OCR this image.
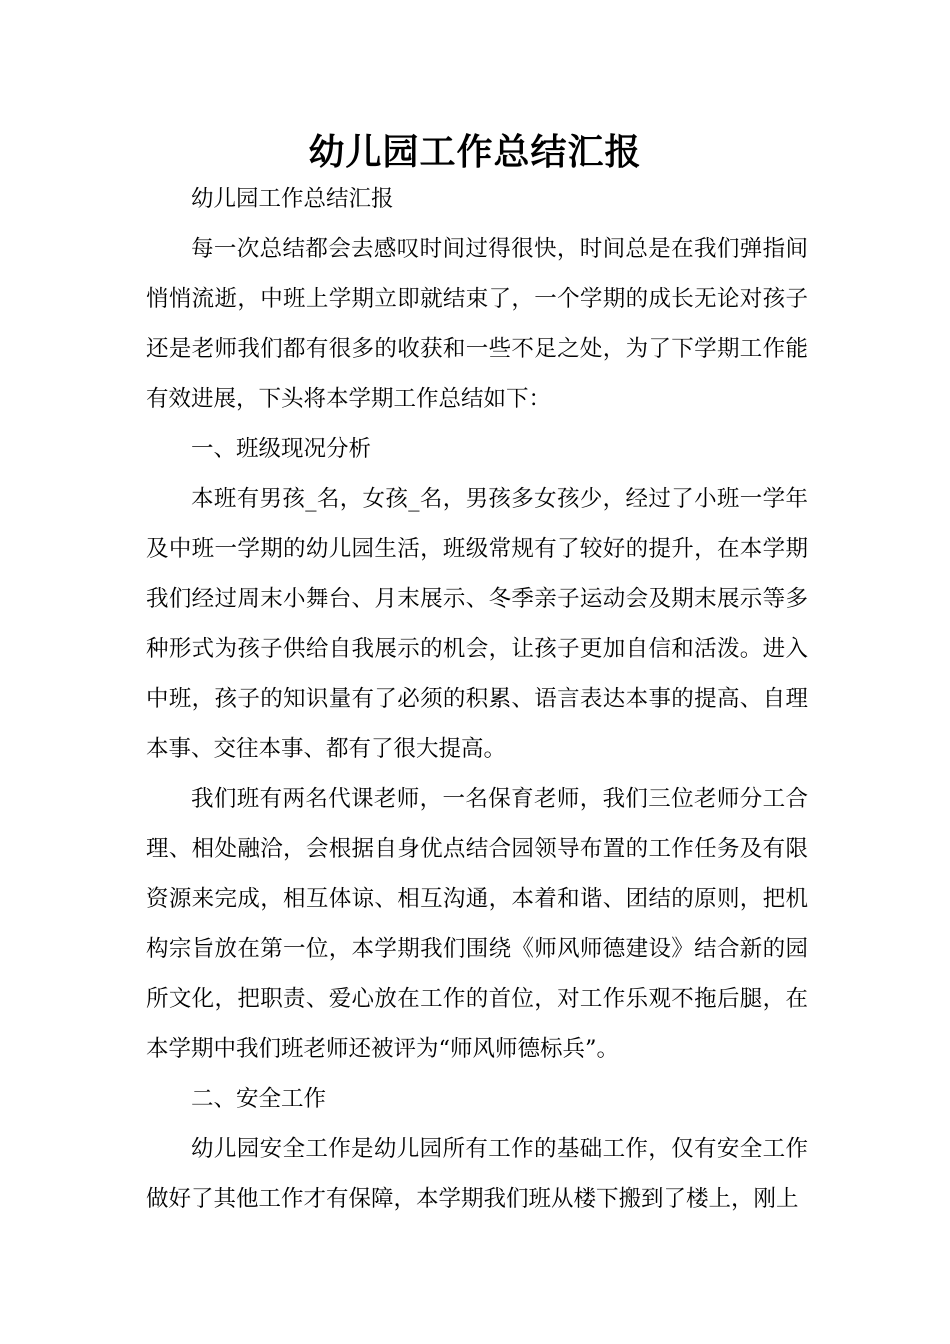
幼儿园工作总结汇报

幼儿园工作总结汇报

每一次总结都会去感叹时间过得很快，时间总是在我们弹指间悄悄流逝，中班上学期立即就结束了，一个学期的成长无论对孩子还是老师我们都有很多的收获和一些不足之处，为了下学期工作能有效进展，下头将本学期工作总结如下：

一、班级现况分析

本班有男孩_名，女孩_名，男孩多女孩少，经过了小班一学年及中班一学期的幼儿园生活，班级常规有了较好的提升，在本学期我们经过周末小舞台、月末展示、冬季亲子运动会及期末展示等多种形式为孩子供给自我展示的机会，让孩子更加自信和活泼。进入中班，孩子的知识量有了必须的积累、语言表达本事的提高、自理本事、交往本事、都有了很大提高。

我们班有两名代课老师，一名保育老师，我们三位老师分工合理、相处融洽，会根据自身优点结合园领导布置的工作任务及有限资源来完成，相互体谅、相互沟通，本着和谐、团结的原则，把机构宗旨放在第一位，本学期我们围绕《师风师德建设》结合新的园所文化，把职责、爱心放在工作的首位，对工作乐观不拖后腿，在本学期中我们班老师还被评为“师风师德标兵”。

二、安全工作

幼儿园安全工作是幼儿园所有工作的基础工作，仅有安全工作做好了其他工作才有保障，本学期我们班从楼下搬到了楼上，刚上
